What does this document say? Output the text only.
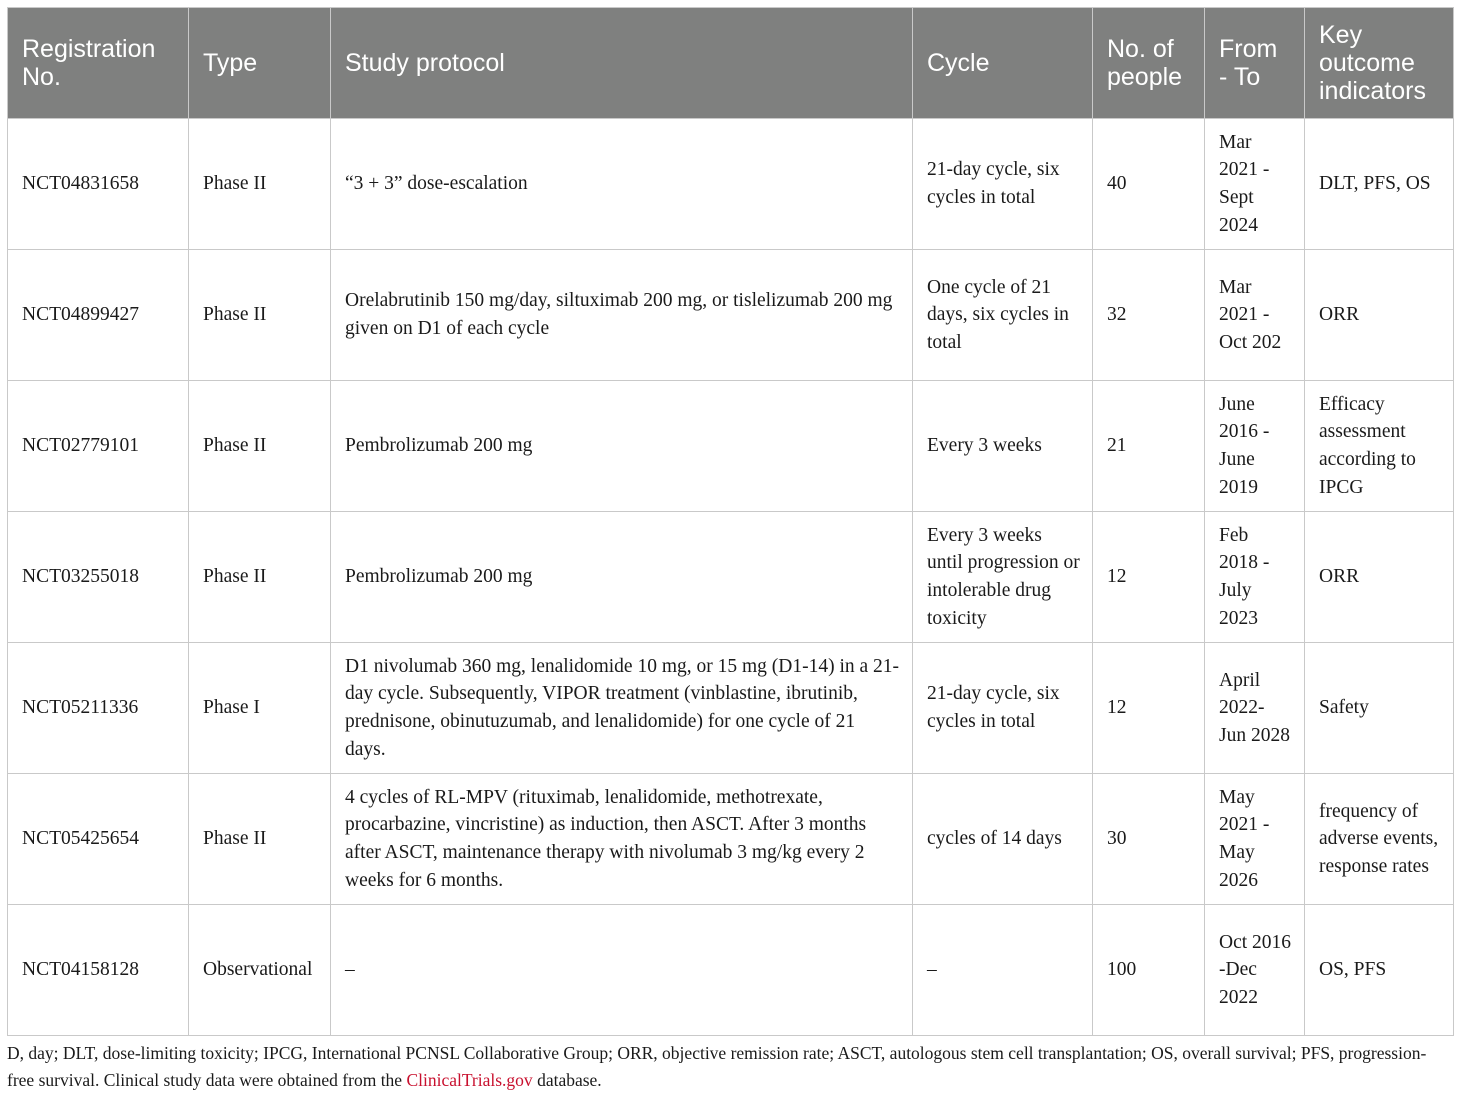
Registration No.	Type	Study protocol	Cycle	No. of people	From - To	Key outcome indicators
NCT04831658	Phase II	“3 + 3” dose-escalation	21-day cycle, six cycles in total	40	Mar 2021 -Sept 2024	DLT, PFS, OS
NCT04899427	Phase II	Orelabrutinib 150 mg/day, siltuximab 200 mg, or tislelizumab 200 mg given on D1 of each cycle	One cycle of 21 days, six cycles in total	32	Mar 2021 -Oct 202	ORR
NCT02779101	Phase II	Pembrolizumab 200 mg	Every 3 weeks	21	June 2016 -June 2019	Efficacy assessment according to IPCG
NCT03255018	Phase II	Pembrolizumab 200 mg	Every 3 weeks until progression or intolerable drug toxicity	12	Feb 2018 -July 2023	ORR
NCT05211336	Phase I	D1 nivolumab 360 mg, lenalidomide 10 mg, or 15 mg (D1-14) in a 21-day cycle. Subsequently, VIPOR treatment (vinblastine, ibrutinib, prednisone, obinutuzumab, and lenalidomide) for one cycle of 21 days.	21-day cycle, six cycles in total	12	April 2022- Jun 2028	Safety
NCT05425654	Phase II	4 cycles of RL-MPV (rituximab, lenalidomide, methotrexate, procarbazine, vincristine) as induction, then ASCT. After 3 months after ASCT, maintenance therapy with nivolumab 3 mg/kg every 2 weeks for 6 months.	cycles of 14 days	30	May 2021 -May 2026	frequency of adverse events, response rates
NCT04158128	Observational	–	–	100	Oct 2016 -Dec 2022	OS, PFS
D, day; DLT, dose-limiting toxicity; IPCG, International PCNSL Collaborative Group; ORR, objective remission rate; ASCT, autologous stem cell transplantation; OS, overall survival; PFS, progression-free survival. Clinical study data were obtained from the ClinicalTrials.gov database.
